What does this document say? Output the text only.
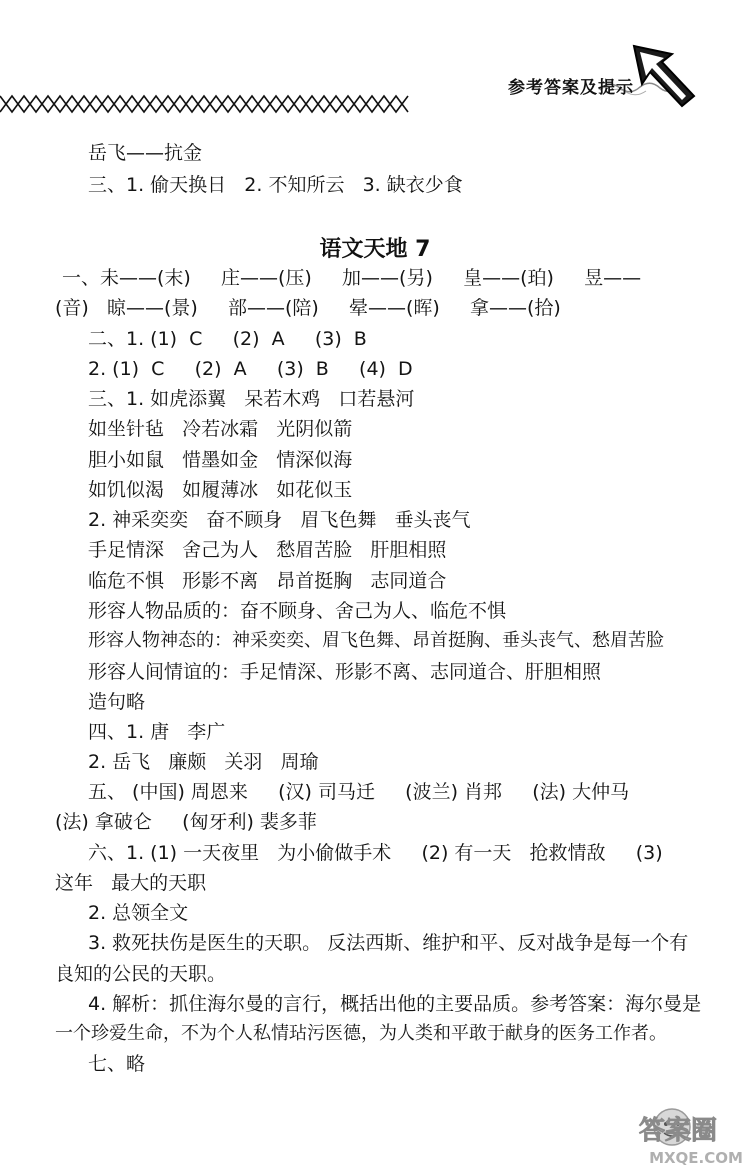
参考答案及提示
岳飞——抗金
三、1. 偷天换日   2. 不知所云   3. 缺衣少食
语文天地 7
一、未——(末)     庄——(压)     加——(另)     皇——(珀)     昱——
(音)   晾——(景)     部——(陪)     晕——(晖)     拿——(拾)
二、1. (1)  C     (2)  A     (3)  B
2. (1)  C     (2)  A     (3)  B     (4)  D
三、1. 如虎添翼   呆若木鸡   口若悬河
如坐针毡   冷若冰霜   光阴似箭
胆小如鼠   惜墨如金   情深似海
如饥似渴   如履薄冰   如花似玉
2. 神采奕奕   奋不顾身   眉飞色舞   垂头丧气
手足情深   舍己为人   愁眉苦脸   肝胆相照
临危不惧   形影不离   昂首挺胸   志同道合
形容人物品质的：奋不顾身、舍己为人、临危不惧
形容人物神态的：神采奕奕、眉飞色舞、昂首挺胸、垂头丧气、愁眉苦脸
形容人间情谊的：手足情深、形影不离、志同道合、肝胆相照
造句略
四、1. 唐   李广
2. 岳飞   廉颇   关羽   周瑜
五、 (中国) 周恩来     (汉) 司马迁     (波兰) 肖邦     (法) 大仲马
(法) 拿破仑     (匈牙利) 裴多菲
六、1. (1) 一天夜里   为小偷做手术     (2) 有一天   抢救情敌     (3)
这年   最大的天职
2. 总领全文
3. 救死扶伤是医生的天职。 反法西斯、维护和平、反对战争是每一个有
良知的公民的天职。
4. 解析：抓住海尔曼的言行，概括出他的主要品质。参考答案：海尔曼是
一个珍爱生命，不为个人私情玷污医德，为人类和平敢于献身的医务工作者。
七、略
答案圈
MXQE.COM
